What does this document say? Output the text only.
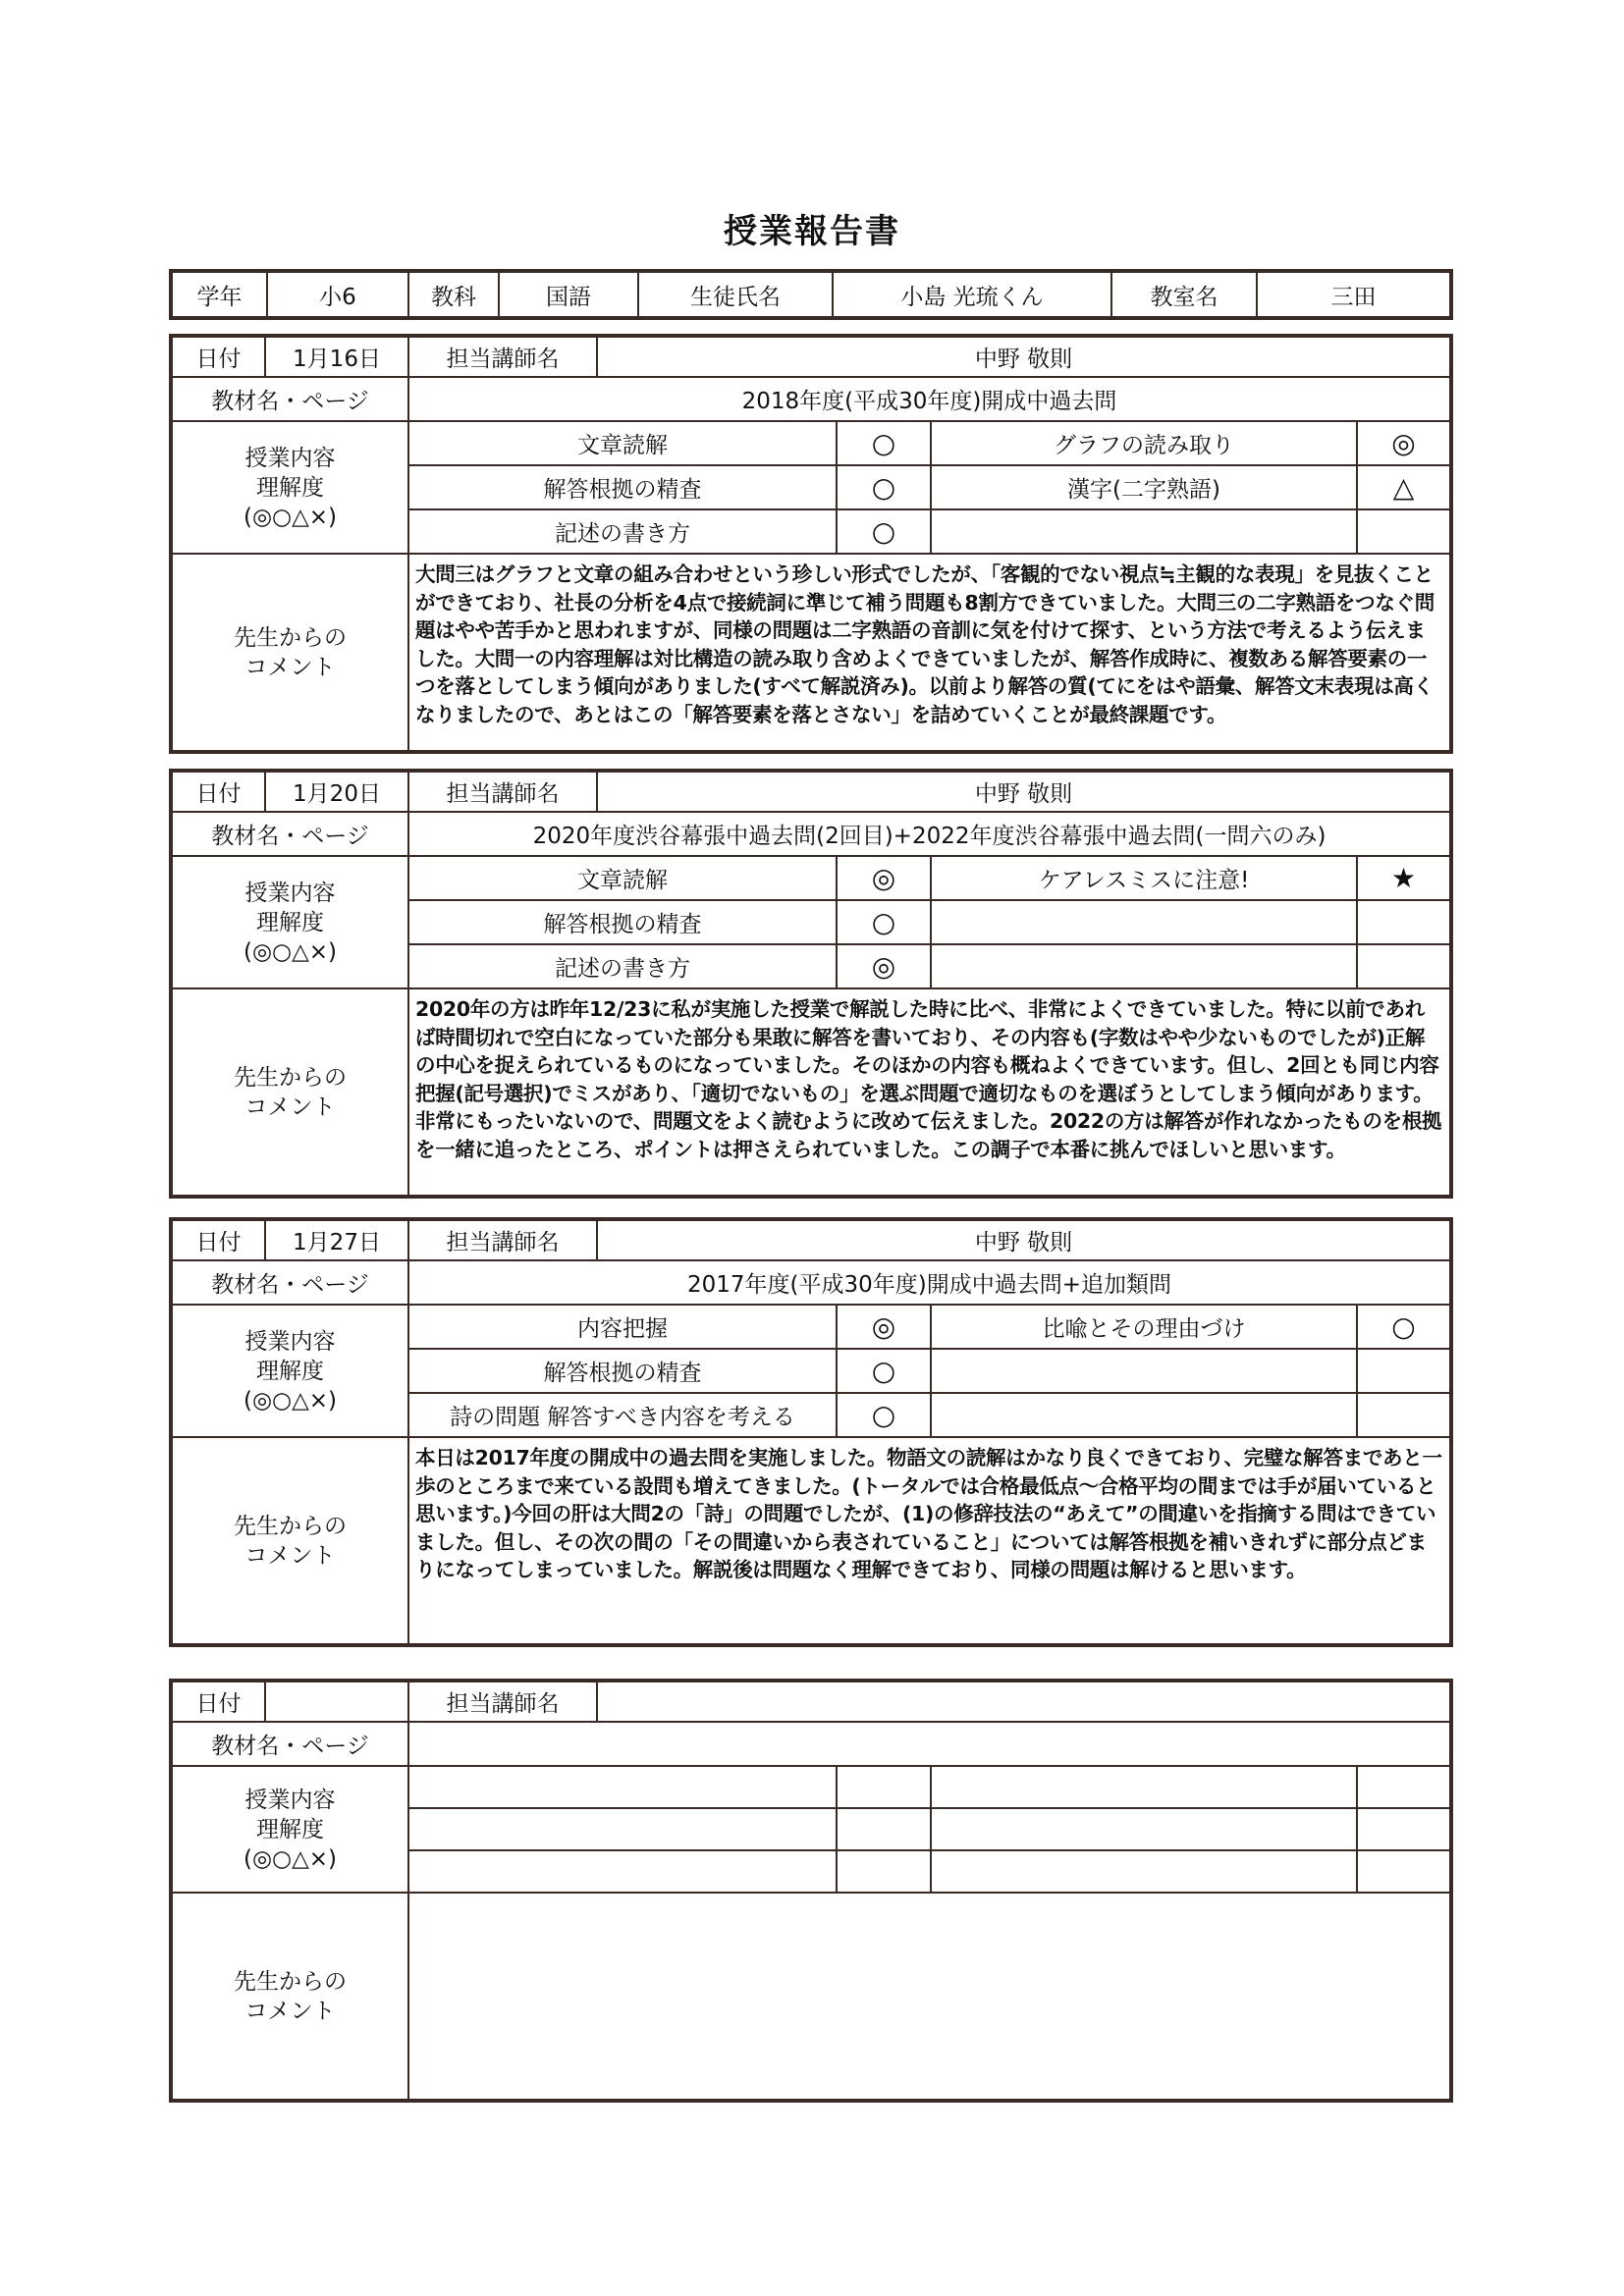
授業報告書
学年	小6	教科	国語	生徒氏名	小島 光琉くん	教室名	三田
日付	1月16日	担当講師名	中野 敬則			
教材名・ページ		2018年度(平成30年度)開成中過去問				
授業内容
理解度
(◎○△×)		文章読解		○	グラフの読み取り	◎
		解答根拠の精査		○	漢字(二字熟語)	△
		記述の書き方		○		
先生からの
コメント		大問三はグラフと文章の組み合わせという珍しい形式でしたが、「客観的でない視点≒主観的な表現」を見抜くことができており、社長の分析を4点で接続詞に準じて補う問題も8割方できていました。大問三の二字熟語をつなぐ問題はやや苦手かと思われますが、同様の問題は二字熟語の音訓に気を付けて探す、という方法で考えるよう伝えました。大問一の内容理解は対比構造の読み取り含めよくできていましたが、解答作成時に、複数ある解答要素の一つを落としてしまう傾向がありました(すべて解説済み)。以前より解答の質(てにをはや語彙、解答文末表現は高くなりましたので、あとはこの「解答要素を落とさない」を詰めていくことが最終課題です。				
日付	1月20日	担当講師名	中野 敬則			
教材名・ページ		2020年度渋谷幕張中過去問(2回目)+2022年度渋谷幕張中過去問(一問六のみ)				
授業内容
理解度
(◎○△×)		文章読解		◎	ケアレスミスに注意!	★
		解答根拠の精査		○		
		記述の書き方		◎		
先生からの
コメント		2020年の方は昨年12/23に私が実施した授業で解説した時に比べ、非常によくできていました。特に以前であれば時間切れで空白になっていた部分も果敢に解答を書いており、その内容も(字数はやや少ないものでしたが)正解の中心を捉えられているものになっていました。そのほかの内容も概ねよくできています。但し、2回とも同じ内容把握(記号選択)でミスがあり、「適切でないもの」を選ぶ問題で適切なものを選ぼうとしてしまう傾向があります。非常にもったいないので、問題文をよく読むように改めて伝えました。2022の方は解答が作れなかったものを根拠を一緒に追ったところ、ポイントは押さえられていました。この調子で本番に挑んでほしいと思います。				
日付	1月27日	担当講師名	中野 敬則			
教材名・ページ		2017年度(平成30年度)開成中過去問+追加類問				
授業内容
理解度
(◎○△×)		内容把握		◎	比喩とその理由づけ	○
		解答根拠の精査		○		
		詩の問題 解答すべき内容を考える		○		
先生からの
コメント		本日は2017年度の開成中の過去問を実施しました。物語文の読解はかなり良くできており、完璧な解答まであと一歩のところまで来ている設問も増えてきました。(トータルでは合格最低点〜合格平均の間までは手が届いていると思います。)今回の肝は大問2の「詩」の問題でしたが、(1)の修辞技法の“あえて”の間違いを指摘する問はできていました。但し、その次の間の「その間違いから表されていること」については解答根拠を補いきれずに部分点どまりになってしまっていました。解説後は問題なく理解できており、同様の問題は解けると思います。				
日付		担当講師名				
教材名・ページ						
授業内容
理解度
(◎○△×)						

先生からの
コメント						
